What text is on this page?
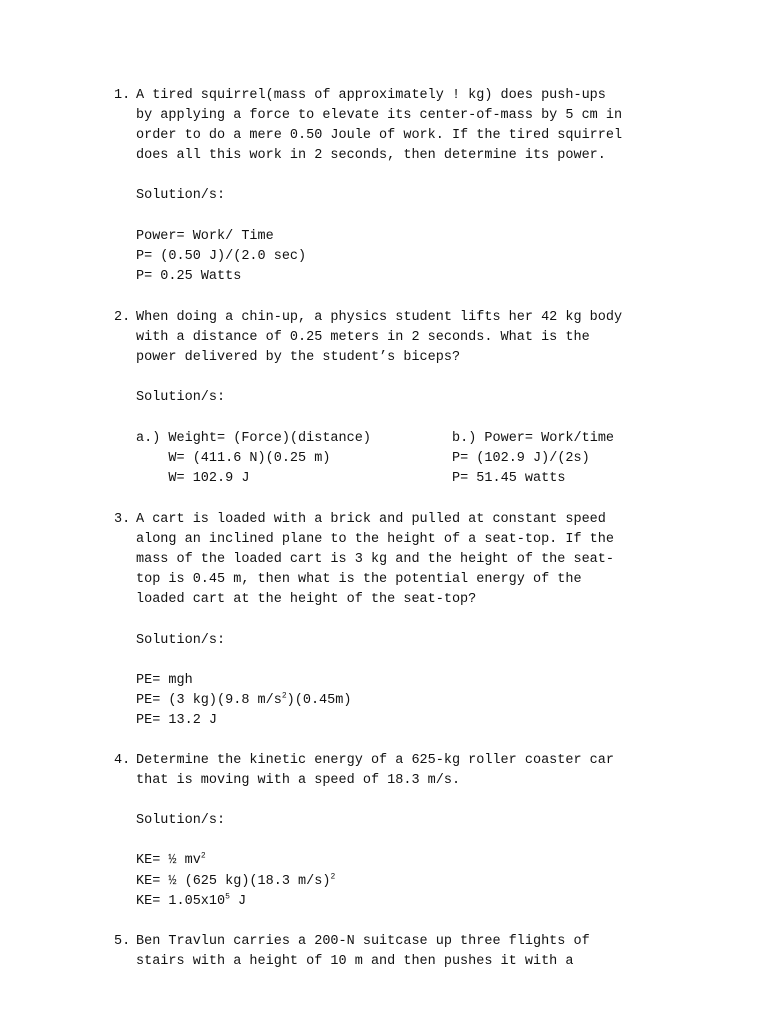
1. A tired squirrel(mass of approximately ! kg) does push-ups
by applying a force to elevate its center-of-mass by 5 cm in
order to do a mere 0.50 Joule of work. If the tired squirrel
does all this work in 2 seconds, then determine its power.
Solution/s:
Power= Work/ Time
P= (0.50 J)/(2.0 sec)
P= 0.25 Watts
2. When doing a chin-up, a physics student lifts her 42 kg body
with a distance of 0.25 meters in 2 seconds. What is the
power delivered by the student’s biceps?
Solution/s:
a.) Weight= (Force)(distance)
W= (411.6 N)(0.25 m)
W= 102.9 J
b.) Power= Work/time
P= (102.9 J)/(2s)
P= 51.45 watts
3. A cart is loaded with a brick and pulled at constant speed
along an inclined plane to the height of a seat-top. If the
mass of the loaded cart is 3 kg and the height of the seat-
top is 0.45 m, then what is the potential energy of the
loaded cart at the height of the seat-top?
Solution/s:
PE= mgh
PE= (3 kg)(9.8 $m/s^2)(0.45m)$
PE= 13.2 J
4. Determine the kinetic energy of a 625-kg roller coaster car
that is moving with a speed of 18.3 m/s.
Solution/s:
KE= ½ $mv^2$
KE= ½ (625 kg)(18.3 m/s)$^2$
$KE= 1.05x10^5$ J
5. Ben Travlun carries a 200-N suitcase up three flights of
stairs with a height of 10 m and then pushes it with a
